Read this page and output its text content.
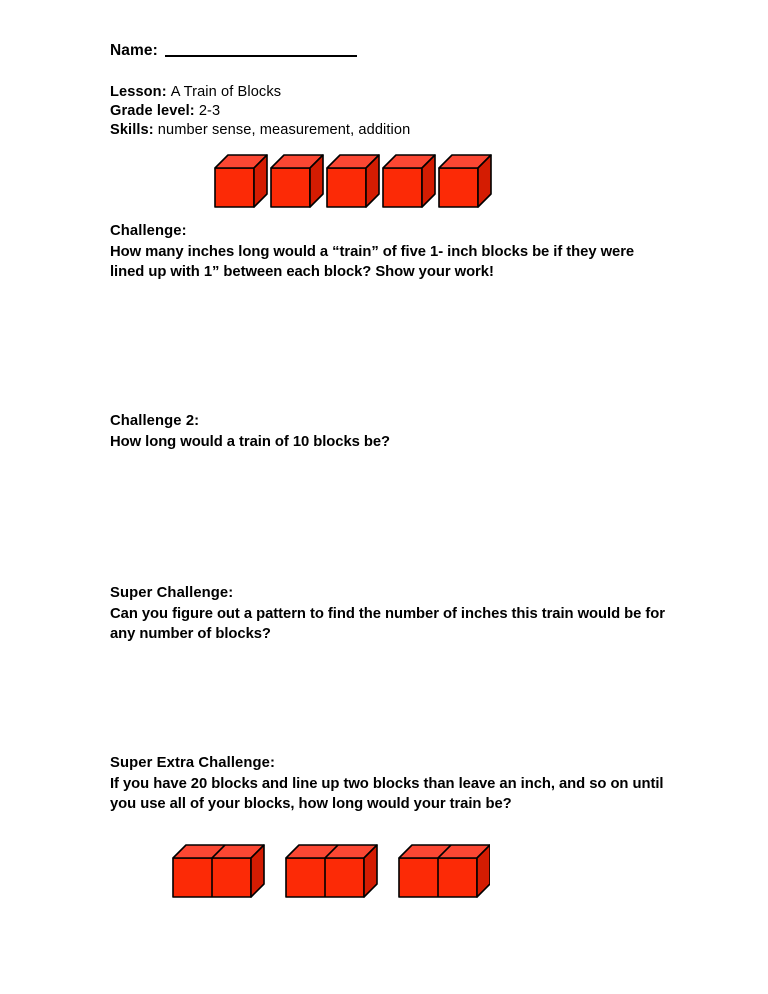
Name:
Lesson: A Train of Blocks
Grade level: 2-3
Skills: number sense, measurement, addition

Challenge:

How many inches long would a “train” of five 1- inch blocks be if they were lined up with 1” between each block? Show your work!

Challenge 2:

How long would a train of 10 blocks be?

Super Challenge:

Can you figure out a pattern to find the number of inches this train would be for any number of blocks?

Super Extra Challenge:

If you have 20 blocks and line up two blocks than leave an inch, and so on until you use all of your blocks, how long would your train be?
